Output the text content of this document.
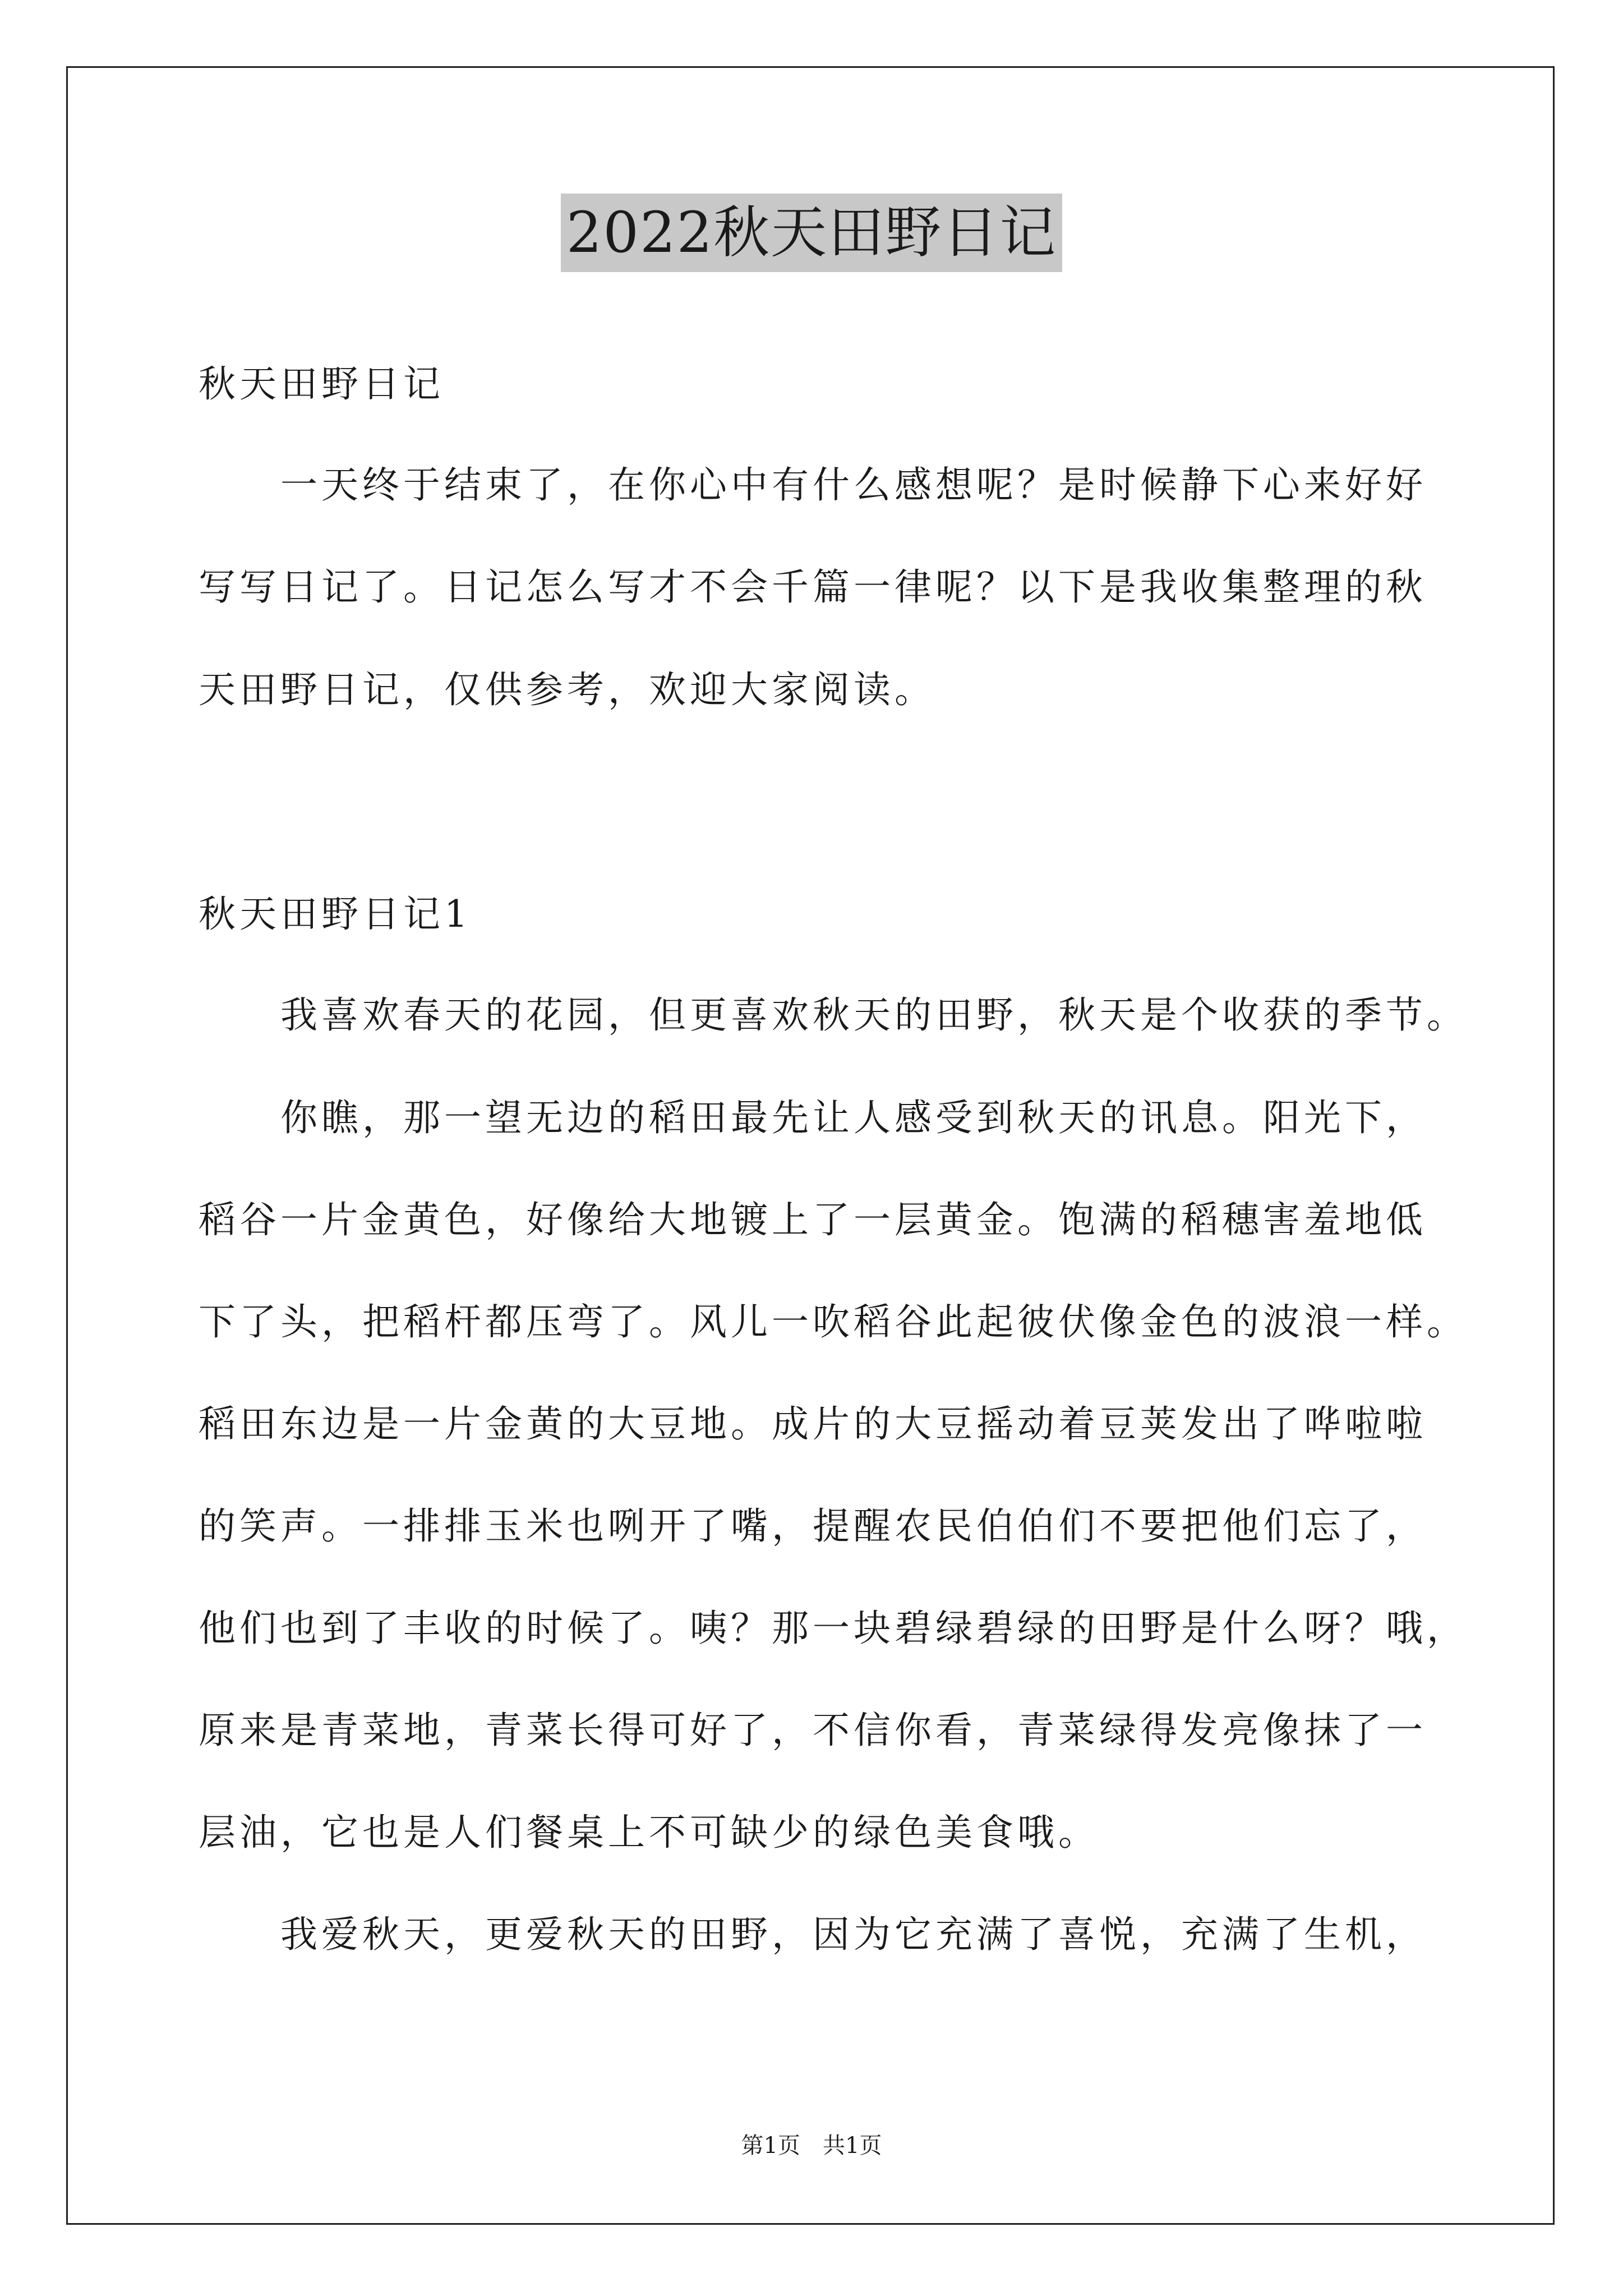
2022秋天田野日记
秋天田野日记
一天终于结束了，在你心中有什么感想呢？是时候静下心来好好
写写日记了。日记怎么写才不会千篇一律呢？以下是我收集整理的秋
天田野日记，仅供参考，欢迎大家阅读。
秋天田野日记1
我喜欢春天的花园，但更喜欢秋天的田野，秋天是个收获的季节。
你瞧，那一望无边的稻田最先让人感受到秋天的讯息。阳光下，
稻谷一片金黄色，好像给大地镀上了一层黄金。饱满的稻穗害羞地低
下了头，把稻杆都压弯了。风儿一吹稻谷此起彼伏像金色的波浪一样。
稻田东边是一片金黄的大豆地。成片的大豆摇动着豆荚发出了哗啦啦
的笑声。一排排玉米也咧开了嘴，提醒农民伯伯们不要把他们忘了，
他们也到了丰收的时候了。咦？那一块碧绿碧绿的田野是什么呀？哦，
原来是青菜地，青菜长得可好了，不信你看，青菜绿得发亮像抹了一
层油，它也是人们餐桌上不可缺少的绿色美食哦。
我爱秋天，更爱秋天的田野，因为它充满了喜悦，充满了生机，
第1页　共1页
